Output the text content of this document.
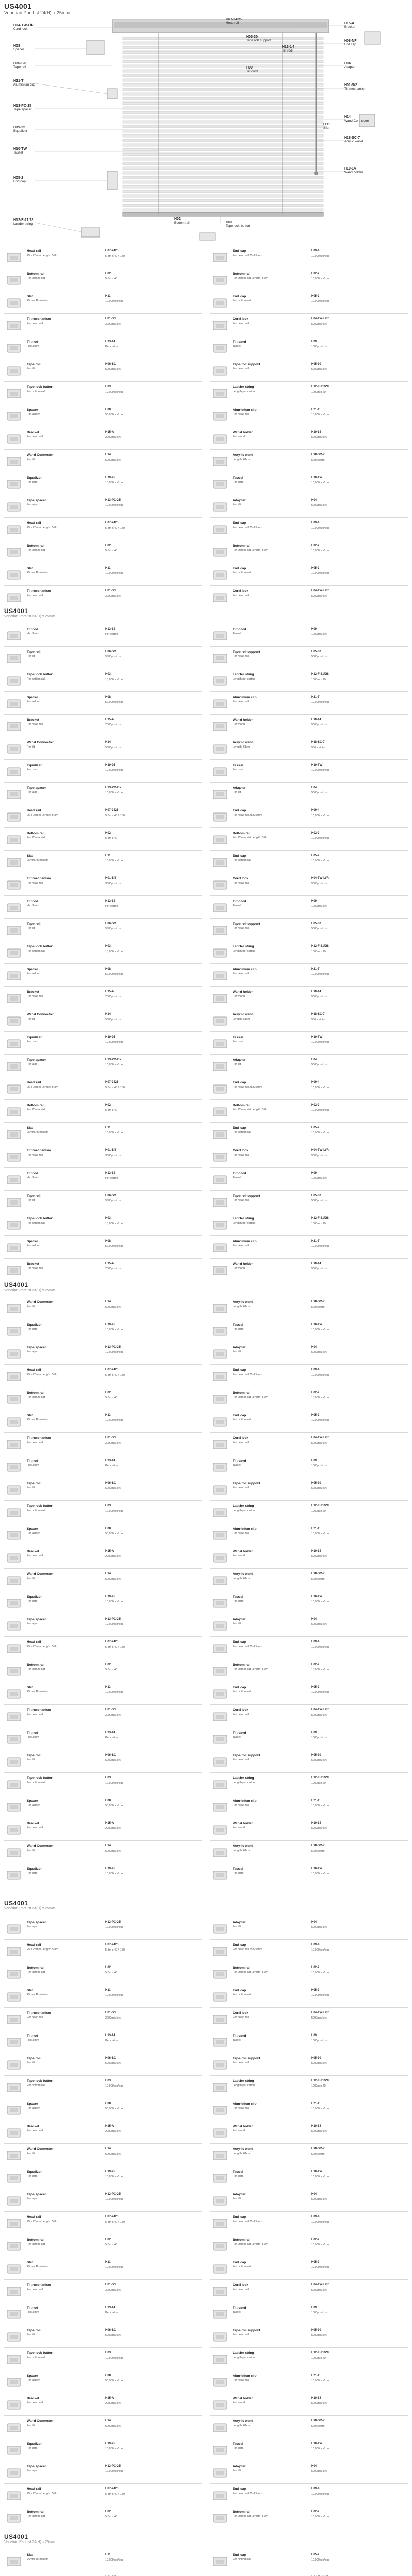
US4001
Venetian Part list 24(H) x 25mm
H04-TW-L/R
Cord lock
H08
Spacer
H06-SC
Tape roll
H21-TI
Aluminium clip
H13-PC-25
Tape spacer
H19-25
Equalizer
H10-TW
Tassel
H05-2
End cap
H12-F-21/28
Ladder string
H07-2425
Head rail
H05-30
Tape roll support
H13-14
Tilt rod
H15-A
Bracket
H08-NF
End cap
H09
Tilt cord
H04
Adapter
H01-S/2
Tilt mechanism
H14
Wand Connector
H18-SC-7
Acrylic wand
H11
Slat
H10-14
Wand holder
H02
Bottom rail	H03
Tape lock button
US4001
Venetian Part list 24(H) x 25mm
US4001
Venetian Part list 24(H) x 25mm
US4001
Venetian Part list 24(H) x 25mm
US4001
Venetian Part list 24(H) x 25mm
Head rail
25 x 25mm Length: 5.8m
H07-2425
5.8m x 40 / 150
End cap
For head rail 25x25mm
H09-4
10,000pcs/ctn
Bottom rail
For 25mm slat
H02
5.8m x 40
Bottom rail
For 25mm slat Length: 5.8m
H02-2
10,000pcs/ctn
Slat
25mm Aluminium
H11
10,000pcs/ctn
End cap
For bottom rail
H05-2
10,000pcs/ctn
Tilt mechanism
For head rail
H01-S/2
3000pcs/ctn
Cord lock
For head rail
H04-TW-L/R
5000pcs/ctn
Tilt rod
Hex 3mm
H13-14
Per carton
Tilt cord
Tassel
H09
1000pcs/ctn
Tape roll
For tilt
H06-SC
5000pcs/ctn
Tape roll support
For head rail
H05-30
5000pcs/ctn
Tape lock button
For bottom rail
H03
10,000pcs/ctn
Ladder string
Length per carton
H12-F-21/28
1000m x 20
Spacer
For ladder
H08
50,000pcs/ctn
Aluminium clip
For head rail
H21-TI
10,000pcs/ctn
Bracket
For head rail
H15-A
2000pcs/ctn
Wand holder
For wand
H10-14
5000pcs/ctn
Wand Connector
For tilt
H14
5000pcs/ctn
Acrylic wand
Length: 61cm
H18-SC-7
500pcs/ctn
Equalizer
For cord
H19-25
10,000pcs/ctn
Tassel
For cord
H10-TW
10,000pcs/ctn
Tape spacer
For tape
H13-PC-25
10,000pcs/ctn
Adapter
For tilt
H04
5000pcs/ctn
Head rail
25 x 25mm Length: 5.8m
H07-2425
5.8m x 40 / 150
End cap
For head rail 25x25mm
H09-4
10,000pcs/ctn
Bottom rail
For 25mm slat
H02
5.8m x 40
Bottom rail
For 25mm slat Length: 5.8m
H02-2
10,000pcs/ctn
Slat
25mm Aluminium
H11
10,000pcs/ctn
End cap
For bottom rail
H05-2
10,000pcs/ctn
Tilt mechanism
For head rail
H01-S/2
3000pcs/ctn
Cord lock
For head rail
H04-TW-L/R
5000pcs/ctn
Tilt rod
Hex 3mm
H13-14
Per carton
Tilt cord
Tassel
H09
1000pcs/ctn
Tape roll
For tilt
H06-SC
5000pcs/ctn
Tape roll support
For head rail
H05-30
5000pcs/ctn
Tape lock button
For bottom rail
H03
10,000pcs/ctn
Ladder string
Length per carton
H12-F-21/28
1000m x 20
Spacer
For ladder
H08
50,000pcs/ctn
Aluminium clip
For head rail
H21-TI
10,000pcs/ctn
Bracket
For head rail
H15-A
2000pcs/ctn
Wand holder
For wand
H10-14
5000pcs/ctn
Wand Connector
For tilt
H14
5000pcs/ctn
Acrylic wand
Length: 61cm
H18-SC-7
500pcs/ctn
Equalizer
For cord
H19-25
10,000pcs/ctn
Tassel
For cord
H10-TW
10,000pcs/ctn
Tape spacer
For tape
H13-PC-25
10,000pcs/ctn
Adapter
For tilt
H04
5000pcs/ctn
Head rail
25 x 25mm Length: 5.8m
H07-2425
5.8m x 40 / 150
End cap
For head rail 25x25mm
H09-4
10,000pcs/ctn
Bottom rail
For 25mm slat
H02
5.8m x 40
Bottom rail
For 25mm slat Length: 5.8m
H02-2
10,000pcs/ctn
Slat
25mm Aluminium
H11
10,000pcs/ctn
End cap
For bottom rail
H05-2
10,000pcs/ctn
Tilt mechanism
For head rail
H01-S/2
3000pcs/ctn
Cord lock
For head rail
H04-TW-L/R
5000pcs/ctn
Tilt rod
Hex 3mm
H13-14
Per carton
Tilt cord
Tassel
H09
1000pcs/ctn
Tape roll
For tilt
H06-SC
5000pcs/ctn
Tape roll support
For head rail
H05-30
5000pcs/ctn
Tape lock button
For bottom rail
H03
10,000pcs/ctn
Ladder string
Length per carton
H12-F-21/28
1000m x 20
Spacer
For ladder
H08
50,000pcs/ctn
Aluminium clip
For head rail
H21-TI
10,000pcs/ctn
Bracket
For head rail
H15-A
2000pcs/ctn
Wand holder
For wand
H10-14
5000pcs/ctn
Wand Connector
For tilt
H14
5000pcs/ctn
Acrylic wand
Length: 61cm
H18-SC-7
500pcs/ctn
Equalizer
For cord
H19-25
10,000pcs/ctn
Tassel
For cord
H10-TW
10,000pcs/ctn
Tape spacer
For tape
H13-PC-25
10,000pcs/ctn
Adapter
For tilt
H04
5000pcs/ctn
Head rail
25 x 25mm Length: 5.8m
H07-2425
5.8m x 40 / 150
End cap
For head rail 25x25mm
H09-4
10,000pcs/ctn
Bottom rail
For 25mm slat
H02
5.8m x 40
Bottom rail
For 25mm slat Length: 5.8m
H02-2
10,000pcs/ctn
Slat
25mm Aluminium
H11
10,000pcs/ctn
End cap
For bottom rail
H05-2
10,000pcs/ctn
Tilt mechanism
For head rail
H01-S/2
3000pcs/ctn
Cord lock
For head rail
H04-TW-L/R
5000pcs/ctn
Tilt rod
Hex 3mm
H13-14
Per carton
Tilt cord
Tassel
H09
1000pcs/ctn
Tape roll
For tilt
H06-SC
5000pcs/ctn
Tape roll support
For head rail
H05-30
5000pcs/ctn
Tape lock button
For bottom rail
H03
10,000pcs/ctn
Ladder string
Length per carton
H12-F-21/28
1000m x 20
Spacer
For ladder
H08
50,000pcs/ctn
Aluminium clip
For head rail
H21-TI
10,000pcs/ctn
Bracket
For head rail
H15-A
2000pcs/ctn
Wand holder
For wand
H10-14
5000pcs/ctn
Wand Connector
For tilt
H14
5000pcs/ctn
Acrylic wand
Length: 61cm
H18-SC-7
500pcs/ctn
Equalizer
For cord
H19-25
10,000pcs/ctn
Tassel
For cord
H10-TW
10,000pcs/ctn
Tape spacer
For tape
H13-PC-25
10,000pcs/ctn
Adapter
For tilt
H04
5000pcs/ctn
Head rail
25 x 25mm Length: 5.8m
H07-2425
5.8m x 40 / 150
End cap
For head rail 25x25mm
H09-4
10,000pcs/ctn
Bottom rail
For 25mm slat
H02
5.8m x 40
Bottom rail
For 25mm slat Length: 5.8m
H02-2
10,000pcs/ctn
Slat
25mm Aluminium
H11
10,000pcs/ctn
End cap
For bottom rail
H05-2
10,000pcs/ctn
Tilt mechanism
For head rail
H01-S/2
3000pcs/ctn
Cord lock
For head rail
H04-TW-L/R
5000pcs/ctn
Tilt rod
Hex 3mm
H13-14
Per carton
Tilt cord
Tassel
H09
1000pcs/ctn
Tape roll
For tilt
H06-SC
5000pcs/ctn
Tape roll support
For head rail
H05-30
5000pcs/ctn
Tape lock button
For bottom rail
H03
10,000pcs/ctn
Ladder string
Length per carton
H12-F-21/28
1000m x 20
Spacer
For ladder
H08
50,000pcs/ctn
Aluminium clip
For head rail
H21-TI
10,000pcs/ctn
Bracket
For head rail
H15-A
2000pcs/ctn
Wand holder
For wand
H10-14
5000pcs/ctn
Wand Connector
For tilt
H14
5000pcs/ctn
Acrylic wand
Length: 61cm
H18-SC-7
500pcs/ctn
Equalizer
For cord
H19-25
10,000pcs/ctn
Tassel
For cord
H10-TW
10,000pcs/ctn
Tape spacer
For tape
H13-PC-25
10,000pcs/ctn
Adapter
For tilt
H04
5000pcs/ctn
Head rail
25 x 25mm Length: 5.8m
H07-2425
5.8m x 40 / 150
End cap
For head rail 25x25mm
H09-4
10,000pcs/ctn
Bottom rail
For 25mm slat
H02
5.8m x 40
Bottom rail
For 25mm slat Length: 5.8m
H02-2
10,000pcs/ctn
Slat
25mm Aluminium
H11
10,000pcs/ctn
End cap
For bottom rail
H05-2
10,000pcs/ctn
Tilt mechanism
For head rail
H01-S/2
3000pcs/ctn
Cord lock
For head rail
H04-TW-L/R
5000pcs/ctn
Tilt rod
Hex 3mm
H13-14
Per carton
Tilt cord
Tassel
H09
1000pcs/ctn
Tape roll
For tilt
H06-SC
5000pcs/ctn
Tape roll support
For head rail
H05-30
5000pcs/ctn
Tape lock button
For bottom rail
H03
10,000pcs/ctn
Ladder string
Length per carton
H12-F-21/28
1000m x 20
Spacer
For ladder
H08
50,000pcs/ctn
Aluminium clip
For head rail
H21-TI
10,000pcs/ctn
Bracket
For head rail
H15-A
2000pcs/ctn
Wand holder
For wand
H10-14
5000pcs/ctn
Wand Connector
For tilt
H14
5000pcs/ctn
Acrylic wand
Length: 61cm
H18-SC-7
500pcs/ctn
Equalizer
For cord
H19-25
10,000pcs/ctn
Tassel
For cord
H10-TW
10,000pcs/ctn
Tape spacer
For tape
H13-PC-25
10,000pcs/ctn
Adapter
For tilt
H04
5000pcs/ctn
Head rail
25 x 25mm Length: 5.8m
H07-2425
5.8m x 40 / 150
End cap
For head rail 25x25mm
H09-4
10,000pcs/ctn
Bottom rail
For 25mm slat
H02
5.8m x 40
Bottom rail
For 25mm slat Length: 5.8m
H02-2
10,000pcs/ctn
Slat
25mm Aluminium
H11
10,000pcs/ctn
End cap
For bottom rail
H05-2
10,000pcs/ctn
Tilt mechanism
For head rail
H01-S/2
3000pcs/ctn
Cord lock
For head rail
H04-TW-L/R
5000pcs/ctn
Tilt rod
Hex 3mm
H13-14
Per carton
Tilt cord
Tassel
H09
1000pcs/ctn
Tape roll
For tilt
H06-SC
5000pcs/ctn
Tape roll support
For head rail
H05-30
5000pcs/ctn
Tape lock button
For bottom rail
H03
10,000pcs/ctn
Ladder string
Length per carton
H12-F-21/28
1000m x 20
Spacer
For ladder
H08
50,000pcs/ctn
Aluminium clip
For head rail
H21-TI
10,000pcs/ctn
Bracket
For head rail
H15-A
2000pcs/ctn
Wand holder
For wand
H10-14
5000pcs/ctn
Wand Connector
For tilt
H14
5000pcs/ctn
Acrylic wand
Length: 61cm
H18-SC-7
500pcs/ctn
Equalizer
For cord
H19-25
10,000pcs/ctn
Tassel
For cord
H10-TW
10,000pcs/ctn
Tape spacer
For tape
H13-PC-25
10,000pcs/ctn
Adapter
For tilt
H04
5000pcs/ctn
Head rail
25 x 25mm Length: 5.8m
H07-2425
5.8m x 40 / 150
End cap
For head rail 25x25mm
H09-4
10,000pcs/ctn
Bottom rail
For 25mm slat
H02
5.8m x 40
Bottom rail
For 25mm slat Length: 5.8m
H02-2
10,000pcs/ctn
Slat
25mm Aluminium
H11
10,000pcs/ctn
End cap
For bottom rail
H05-2
10,000pcs/ctn
Tilt mechanism
For head rail
H01-S/2
3000pcs/ctn
Cord lock
For head rail
H04-TW-L/R
5000pcs/ctn
Tilt rod
Hex 3mm
H13-14
Per carton
Tilt cord
Tassel
H09
1000pcs/ctn
Tape roll
For tilt
H06-SC
5000pcs/ctn
Tape roll support
For head rail
H05-30
5000pcs/ctn
Tape lock button
For bottom rail
H03
10,000pcs/ctn
Ladder string
Length per carton
H12-F-21/28
1000m x 20
Spacer
For ladder
H08
50,000pcs/ctn
Aluminium clip
For head rail
H21-TI
10,000pcs/ctn
Bracket
For head rail
H15-A
2000pcs/ctn
Wand holder
For wand
H10-14
5000pcs/ctn
Wand Connector
For tilt
H14
5000pcs/ctn
Acrylic wand
Length: 61cm
H18-SC-7
500pcs/ctn
Equalizer
For cord
H19-25
10,000pcs/ctn
Tassel
For cord
H10-TW
10,000pcs/ctn
Tape spacer
For tape
H13-PC-25
10,000pcs/ctn
Adapter
For tilt
H04
5000pcs/ctn
Head rail
25 x 25mm Length: 5.8m
H07-2425
5.8m x 40 / 150
End cap
For head rail 25x25mm
H09-4
10,000pcs/ctn
Bottom rail
For 25mm slat
H02
5.8m x 40
Bottom rail
For 25mm slat Length: 5.8m
H02-2
10,000pcs/ctn
Slat
25mm Aluminium
H11
10,000pcs/ctn
End cap
For bottom rail
H05-2
10,000pcs/ctn
